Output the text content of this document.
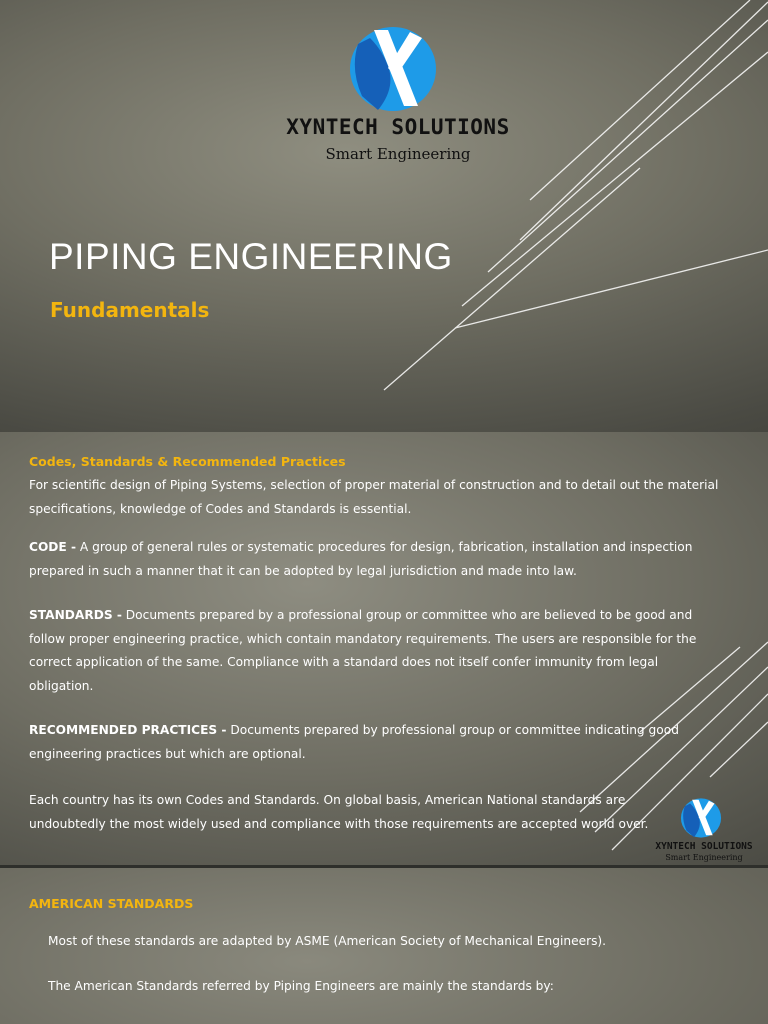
XYNTECH SOLUTIONS
Smart Engineering
PIPING ENGINEERING
Fundamentals
Codes, Standards & Recommended Practices
For scientific design of Piping Systems, selection of proper material of construction and to detail out the material specifications, knowledge of Codes and Standards is essential.
CODE - A group of general rules or systematic procedures for design, fabrication, installation and inspection prepared in such a manner that it can be adopted by legal jurisdiction and made into law.
STANDARDS - Documents prepared by a professional group or committee who are believed to be good and follow proper engineering practice, which contain mandatory requirements. The users are responsible for the correct application of the same. Compliance with a standard does not itself confer immunity from legal obligation.
RECOMMENDED PRACTICES - Documents prepared by professional group or committee indicating good engineering practices but which are optional.
Each country has its own Codes and Standards. On global basis, American National standards are undoubtedly the most widely used and compliance with those requirements are accepted world over.
XYNTECH SOLUTIONS
Smart Engineering
AMERICAN STANDARDS
Most of these standards are adapted by ASME (American Society of Mechanical Engineers).
The American Standards referred by Piping Engineers are mainly the standards by:
